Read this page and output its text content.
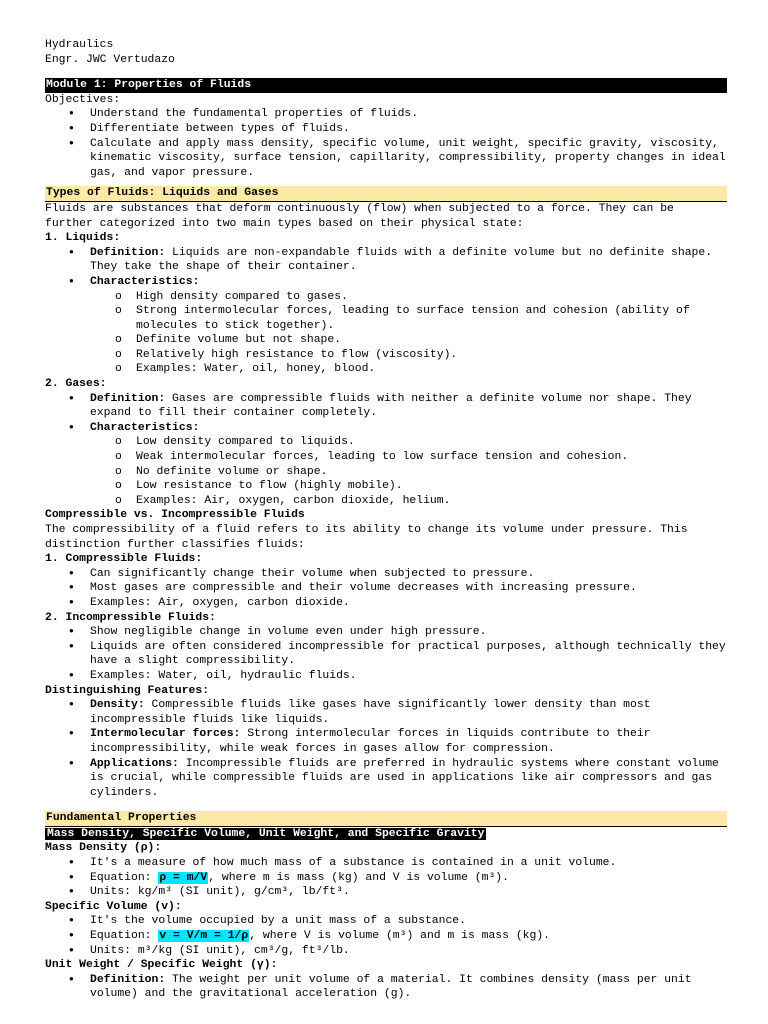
Hydraulics
Engr. JWC Vertudazo
Module 1: Properties of Fluids
Objectives:
● Understand the fundamental properties of fluids.
● Differentiate between types of fluids.
● Calculate and apply mass density, specific volume, unit weight, specific gravity, viscosity, kinematic viscosity, surface tension, capillarity, compressibility, property changes in ideal gas, and vapor pressure.
Types of Fluids: Liquids and Gases
Fluids are substances that deform continuously (flow) when subjected to a force. They can be further categorized into two main types based on their physical state:
1. Liquids:
● Definition: Liquids are non-expandable fluids with a definite volume but no definite shape. They take the shape of their container.
● Characteristics:
o High density compared to gases.
o Strong intermolecular forces, leading to surface tension and cohesion (ability of molecules to stick together).
o Definite volume but not shape.
o Relatively high resistance to flow (viscosity).
o Examples: Water, oil, honey, blood.
2. Gases:
● Definition: Gases are compressible fluids with neither a definite volume nor shape. They expand to fill their container completely.
● Characteristics:
o Low density compared to liquids.
o Weak intermolecular forces, leading to low surface tension and cohesion.
o No definite volume or shape.
o Low resistance to flow (highly mobile).
o Examples: Air, oxygen, carbon dioxide, helium.
Compressible vs. Incompressible Fluids
The compressibility of a fluid refers to its ability to change its volume under pressure. This distinction further classifies fluids:
1. Compressible Fluids:
● Can significantly change their volume when subjected to pressure.
● Most gases are compressible and their volume decreases with increasing pressure.
● Examples: Air, oxygen, carbon dioxide.
2. Incompressible Fluids:
● Show negligible change in volume even under high pressure.
● Liquids are often considered incompressible for practical purposes, although technically they have a slight compressibility.
● Examples: Water, oil, hydraulic fluids.
Distinguishing Features:
● Density: Compressible fluids like gases have significantly lower density than most incompressible fluids like liquids.
● Intermolecular forces: Strong intermolecular forces in liquids contribute to their incompressibility, while weak forces in gases allow for compression.
● Applications: Incompressible fluids are preferred in hydraulic systems where constant volume is crucial, while compressible fluids are used in applications like air compressors and gas cylinders.
Fundamental Properties
Mass Density, Specific Volume, Unit Weight, and Specific Gravity
Mass Density (ρ):
● It's a measure of how much mass of a substance is contained in a unit volume.
● Equation: ρ = m/V, where m is mass (kg) and V is volume (m³).
● Units: kg/m³ (SI unit), g/cm³, lb/ft³.
Specific Volume (v):
● It's the volume occupied by a unit mass of a substance.
● Equation: v = V/m = 1/ρ, where V is volume (m³) and m is mass (kg).
● Units: m³/kg (SI unit), cm³/g, ft³/lb.
Unit Weight / Specific Weight (γ):
● Definition: The weight per unit volume of a material. It combines density (mass per unit volume) and the gravitational acceleration (g).
